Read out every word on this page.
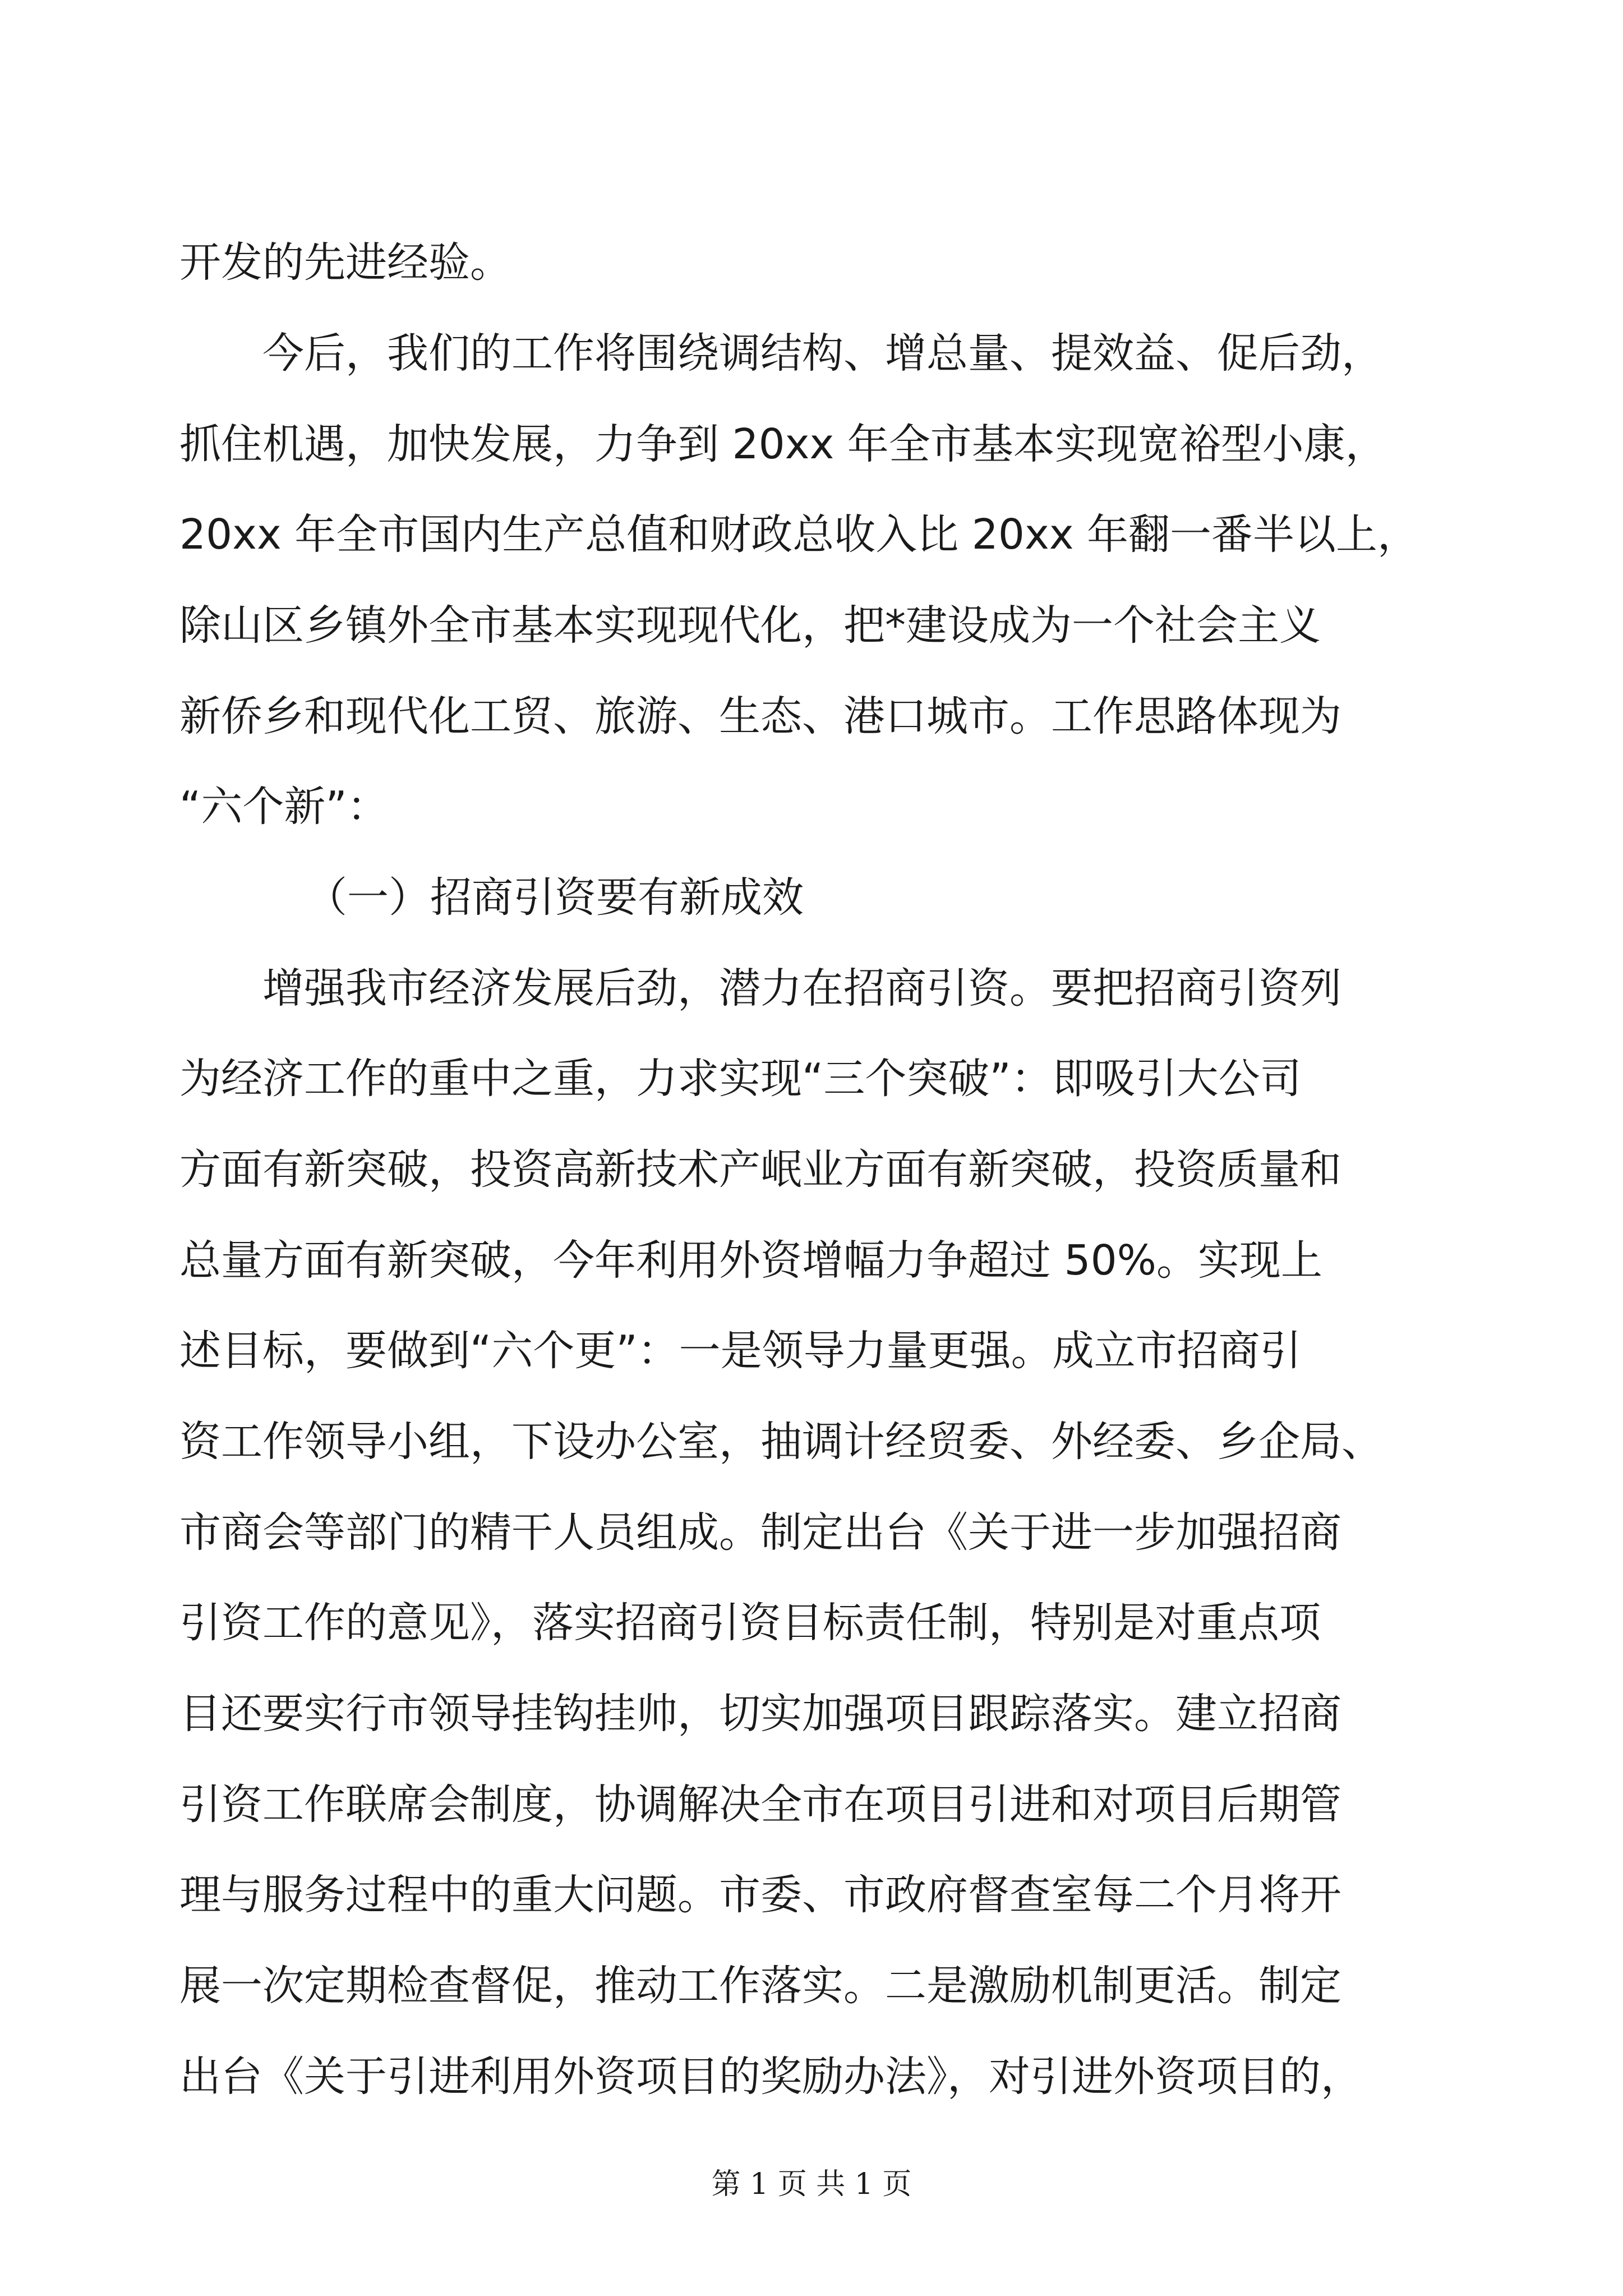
开发的先进经验。
今后，我们的工作将围绕调结构、增总量、提效益、促后劲，
抓住机遇，加快发展，力争到 20xx 年全市基本实现宽裕型小康，
20xx 年全市国内生产总值和财政总收入比 20xx 年翻一番半以上，
除山区乡镇外全市基本实现现代化，把*建设成为一个社会主义
新侨乡和现代化工贸、旅游、生态、港口城市。工作思路体现为
“六个新”：
（一）招商引资要有新成效
增强我市经济发展后劲，潜力在招商引资。要把招商引资列
为经济工作的重中之重，力求实现“三个突破”：即吸引大公司
方面有新突破，投资高新技术产岷业方面有新突破，投资质量和
总量方面有新突破，今年利用外资增幅力争超过 50%。实现上
述目标，要做到“六个更”：一是领导力量更强。成立市招商引
资工作领导小组，下设办公室，抽调计经贸委、外经委、乡企局、
市商会等部门的精干人员组成。制定出台《关于进一步加强招商
引资工作的意见》，落实招商引资目标责任制，特别是对重点项
目还要实行市领导挂钩挂帅，切实加强项目跟踪落实。建立招商
引资工作联席会制度，协调解决全市在项目引进和对项目后期管
理与服务过程中的重大问题。市委、市政府督查室每二个月将开
展一次定期检查督促，推动工作落实。二是激励机制更活。制定
出台《关于引进利用外资项目的奖励办法》，对引进外资项目的，
第 1 页 共 1 页
